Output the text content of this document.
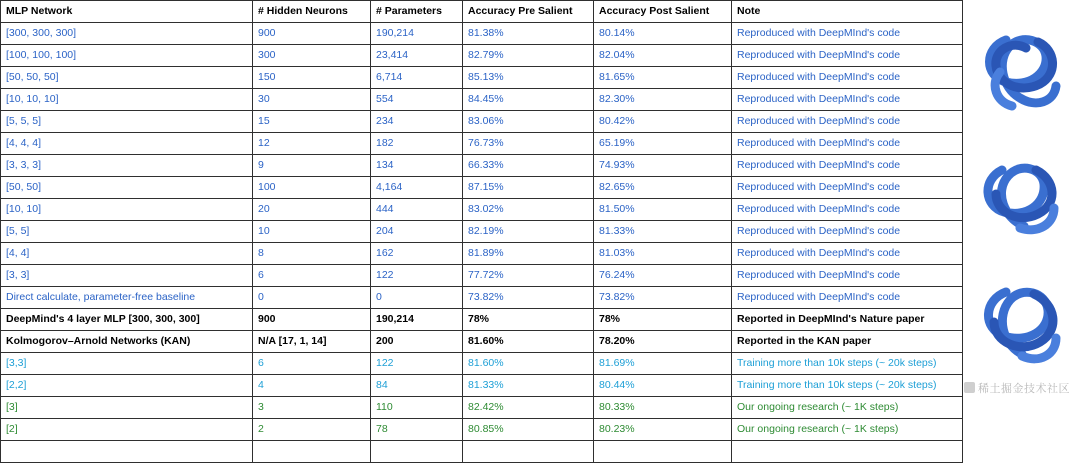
MLP Network	# Hidden Neurons	# Parameters	Accuracy Pre Salient	Accuracy Post Salient	Note
[300, 300, 300]	900	190,214	81.38%	80.14%	Reproduced with DeepMInd's code
[100, 100, 100]	300	23,414	82.79%	82.04%	Reproduced with DeepMInd's code
[50, 50, 50]	150	6,714	85.13%	81.65%	Reproduced with DeepMInd's code
[10, 10, 10]	30	554	84.45%	82.30%	Reproduced with DeepMInd's code
[5, 5, 5]	15	234	83.06%	80.42%	Reproduced with DeepMInd's code
[4, 4, 4]	12	182	76.73%	65.19%	Reproduced with DeepMInd's code
[3, 3, 3]	9	134	66.33%	74.93%	Reproduced with DeepMInd's code
[50, 50]	100	4,164	87.15%	82.65%	Reproduced with DeepMInd's code
[10, 10]	20	444	83.02%	81.50%	Reproduced with DeepMInd's code
[5, 5]	10	204	82.19%	81.33%	Reproduced with DeepMInd's code
[4, 4]	8	162	81.89%	81.03%	Reproduced with DeepMInd's code
[3, 3]	6	122	77.72%	76.24%	Reproduced with DeepMInd's code
Direct calculate, parameter-free baseline	0	0	73.82%	73.82%	Reproduced with DeepMInd's code
DeepMind's 4 layer MLP [300, 300, 300]	900	190,214	78%	78%	Reported in DeepMInd's Nature paper
Kolmogorov–Arnold Networks (KAN)	N/A [17, 1, 14]	200	81.60%	78.20%	Reported in the KAN paper
[3,3]	6	122	81.60%	81.69%	Training more than 10k steps (~ 20k steps)
[2,2]	4	84	81.33%	80.44%	Training more than 10k steps (~ 20k steps)
[3]	3	110	82.42%	80.33%	Our ongoing research (~ 1K steps)
[2]	2	78	80.85%	80.23%	Our ongoing research (~ 1K steps)

稀土掘金技术社区
